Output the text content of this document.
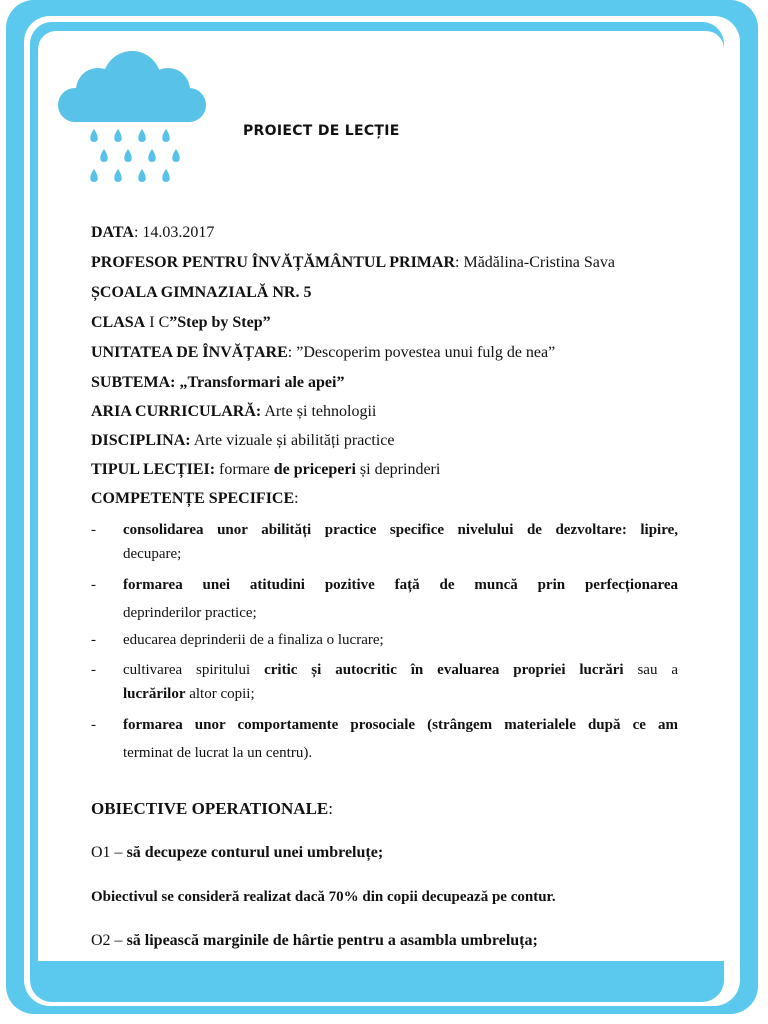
PROIECT DE LECȚIE
DATA: 14.03.2017
PROFESOR PENTRU ÎNVĂȚĂMÂNTUL PRIMAR: Mădălina-Cristina Sava
ȘCOALA GIMNAZIALĂ NR. 5
CLASA I C”Step by Step”
UNITATEA DE ÎNVĂȚARE: ”Descoperim povestea unui fulg de nea”
SUBTEMA: „Transformari ale apei”
ARIA CURRICULARĂ: Arte și tehnologii
DISCIPLINA: Arte vizuale și abilități practice
TIPUL LECȚIEI: formare de priceperi și deprinderi
COMPETENȚE SPECIFICE:
-	consolidarea unor abilități practice specifice nivelului de dezvoltare: lipire,
decupare;
-	formarea unei atitudini pozitive față de muncă prin perfecționarea
deprinderilor practice;
-	educarea deprinderii de a finaliza o lucrare;
-	cultivarea spiritului critic și autocritic în evaluarea propriei lucrări sau a
lucrărilor altor copii;
-	formarea unor comportamente prosociale (strângem materialele după ce am
terminat de lucrat la un centru).
OBIECTIVE OPERATIONALE:
O1 – să decupeze conturul unei umbreluțe;
Obiectivul se consideră realizat dacă 70% din copii decupează pe contur.
O2 – să lipească marginile de hârtie pentru a asambla umbreluța;
